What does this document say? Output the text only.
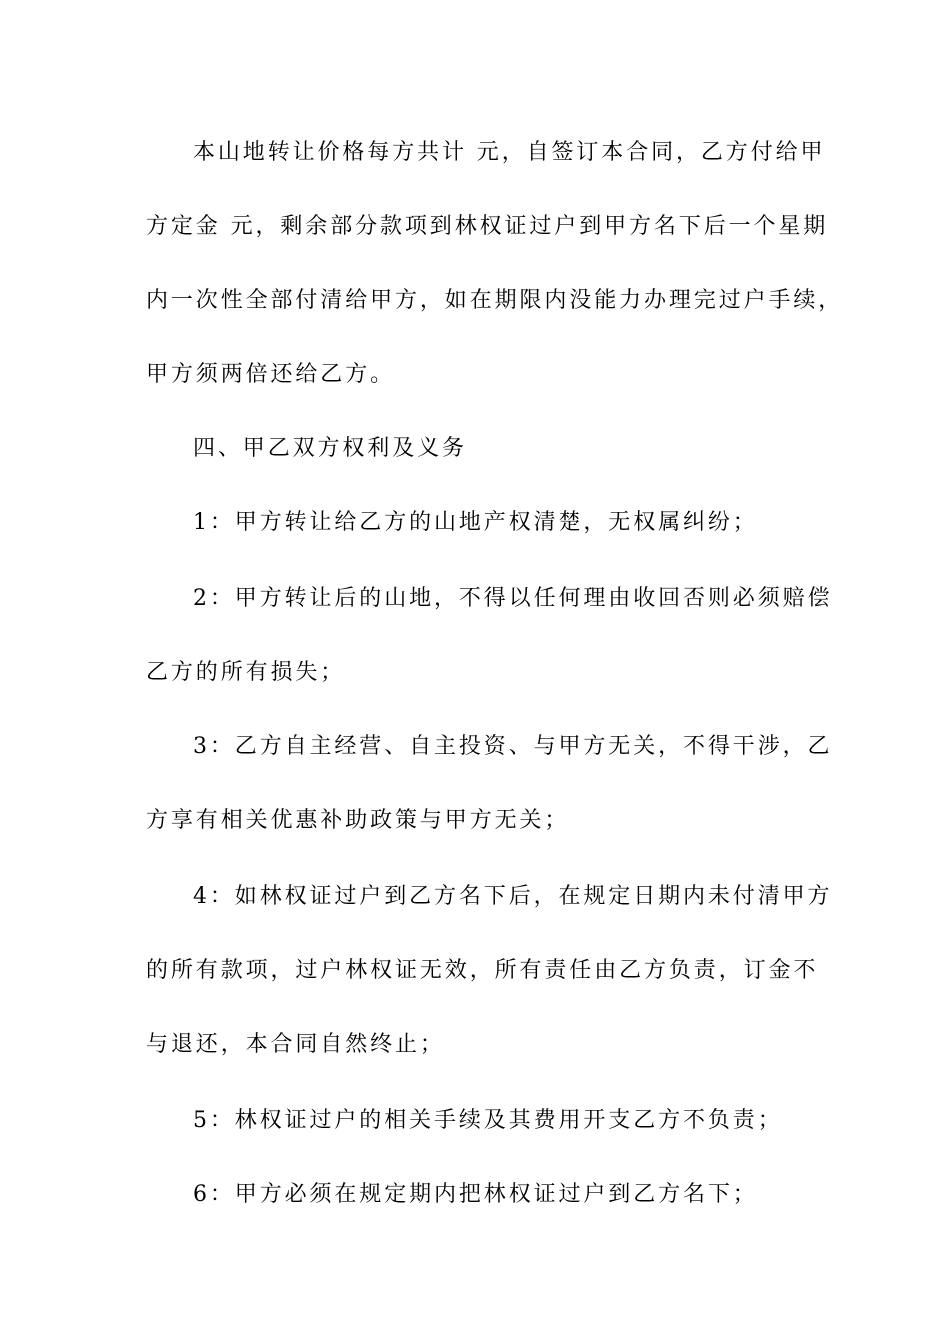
本山地转让价格每方共计 元，自签订本合同，乙方付给甲
方定金 元，剩余部分款项到林权证过户到甲方名下后一个星期
内一次性全部付清给甲方，如在期限内没能力办理完过户手续，
甲方须两倍还给乙方。
四、甲乙双方权利及义务
1：甲方转让给乙方的山地产权清楚，无权属纠纷；
2：甲方转让后的山地，不得以任何理由收回否则必须赔偿
乙方的所有损失；
3：乙方自主经营、自主投资、与甲方无关，不得干涉，乙
方享有相关优惠补助政策与甲方无关；
4：如林权证过户到乙方名下后，在规定日期内未付清甲方
的所有款项，过户林权证无效，所有责任由乙方负责，订金不
与退还，本合同自然终止；
5：林权证过户的相关手续及其费用开支乙方不负责；
6：甲方必须在规定期内把林权证过户到乙方名下；
